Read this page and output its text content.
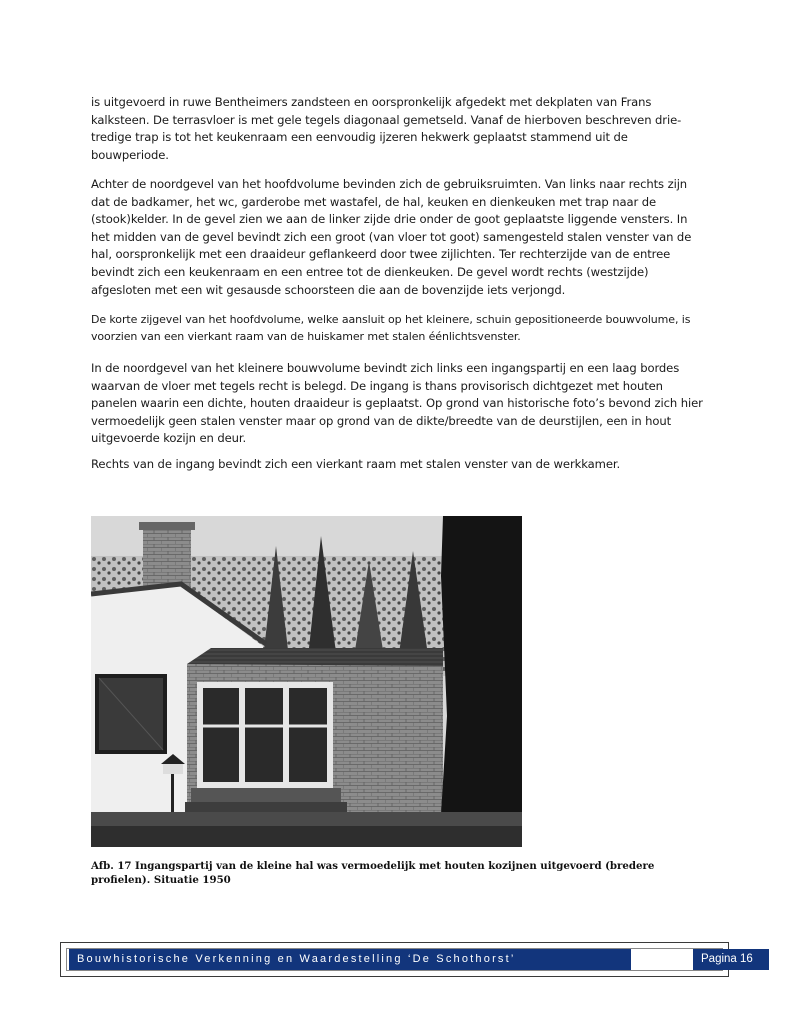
is uitgevoerd in ruwe Bentheimers zandsteen en oorspronkelijk afgedekt met dekplaten van Frans kalksteen. De terrasvloer is met gele tegels diagonaal gemetseld. Vanaf de hierboven beschreven drie-tredige trap is tot het keukenraam een eenvoudig ijzeren hekwerk geplaatst stammend uit de bouwperiode.

Achter de noordgevel van het hoofdvolume bevinden zich de gebruiksruimten. Van links naar rechts zijn dat de badkamer, het wc, garderobe met wastafel, de hal, keuken en dienkeuken met trap naar de (stook)kelder. In de gevel zien we aan de linker zijde drie onder de goot geplaatste liggende vensters. In het midden van de gevel bevindt zich een groot (van vloer tot goot) samengesteld stalen venster van de hal, oorspronkelijk met een draaideur geflankeerd door twee zijlichten. Ter rechterzijde van de entree bevindt zich een keukenraam en een entree tot de dienkeuken. De gevel wordt rechts (westzijde) afgesloten met een wit gesausde schoorsteen die aan de bovenzijde iets verjongd.

De korte zijgevel van het hoofdvolume, welke aansluit op het kleinere, schuin gepositioneerde bouwvolume, is voorzien van een vierkant raam van de huiskamer met stalen éénlichtsvenster.

In de noordgevel van het kleinere bouwvolume bevindt zich links een ingangspartij en een laag bordes waarvan de vloer met tegels recht is belegd. De ingang is thans provisorisch dichtgezet met houten panelen waarin een dichte, houten draaideur is geplaatst. Op grond van historische foto’s bevond zich hier vermoedelijk geen stalen venster maar op grond van de dikte/breedte van de deurstijlen, een in hout uitgevoerde kozijn en deur.

Rechts van de ingang bevindt zich een vierkant raam met stalen venster van de werkkamer.

Afb. 17 Ingangspartij van de kleine hal was vermoedelijk met houten kozijnen uitgevoerd (bredere profielen). Situatie 1950
Bouwhistorische Verkenning en Waardestelling ‘De Schothorst’	Pagina 16
